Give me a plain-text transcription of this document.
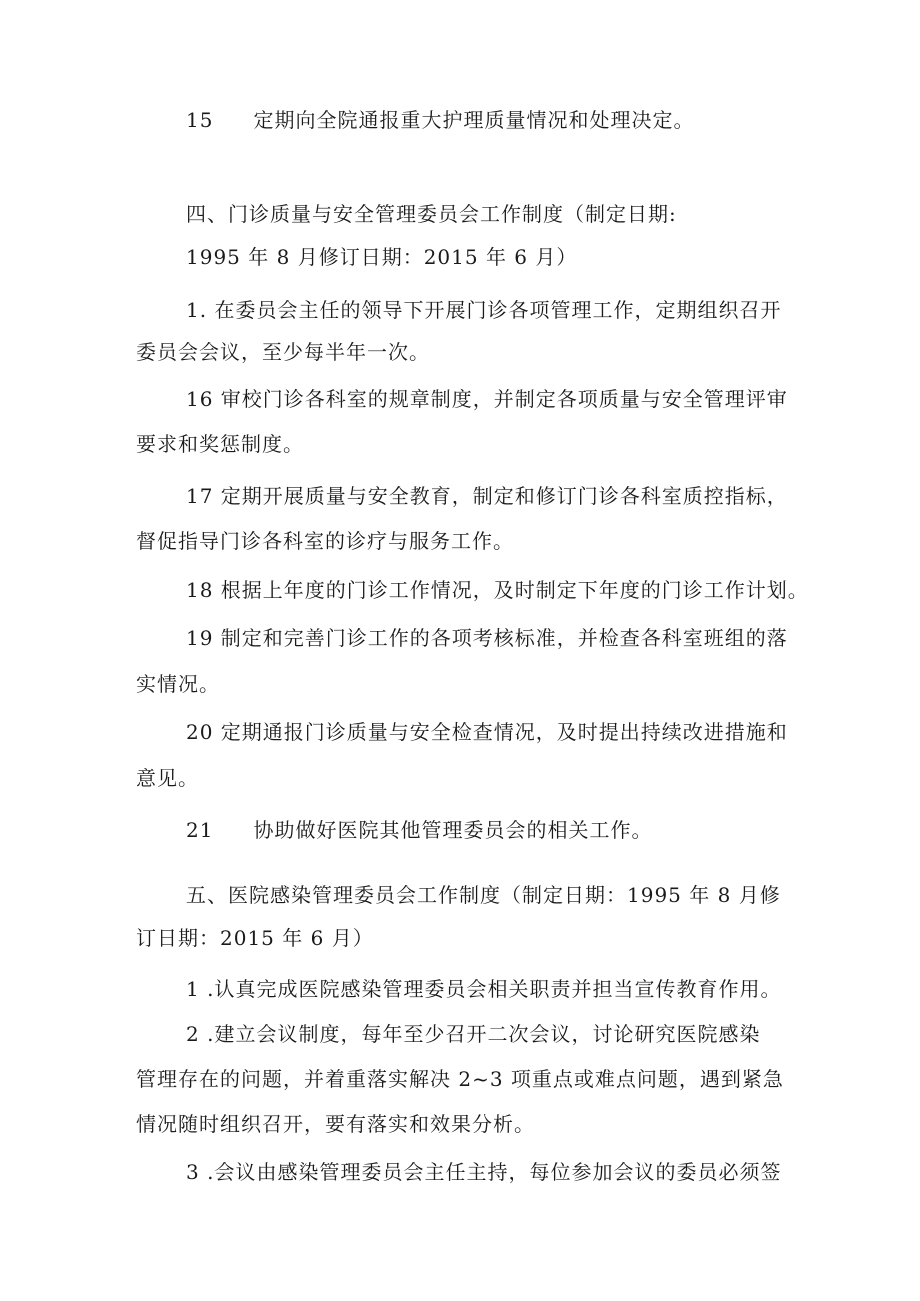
15 定期向全院通报重大护理质量情况和处理决定。
四、门诊质量与安全管理委员会工作制度（制定日期:
1995 年 8 月修订日期：2015 年 6 月）
1. 在委员会主任的领导下开展门诊各项管理工作，定期组织召开
委员会会议，至少每半年一次。
16 审校门诊各科室的规章制度，并制定各项质量与安全管理评审
要求和奖惩制度。
17 定期开展质量与安全教育，制定和修订门诊各科室质控指标，
督促指导门诊各科室的诊疗与服务工作。
18 根据上年度的门诊工作情况，及时制定下年度的门诊工作计划。
19 制定和完善门诊工作的各项考核标准，并检查各科室班组的落
实情况。
20 定期通报门诊质量与安全检查情况，及时提出持续改进措施和
意见。
21 协助做好医院其他管理委员会的相关工作。
五、医院感染管理委员会工作制度（制定日期：1995 年 8 月修
订日期：2015 年 6 月）
1 .认真完成医院感染管理委员会相关职责并担当宣传教育作用。
2 .建立会议制度，每年至少召开二次会议，讨论研究医院感染
管理存在的问题，并着重落实解决 2~3 项重点或难点问题，遇到紧急
情况随时组织召开，要有落实和效果分析。
3 .会议由感染管理委员会主任主持，每位参加会议的委员必须签
